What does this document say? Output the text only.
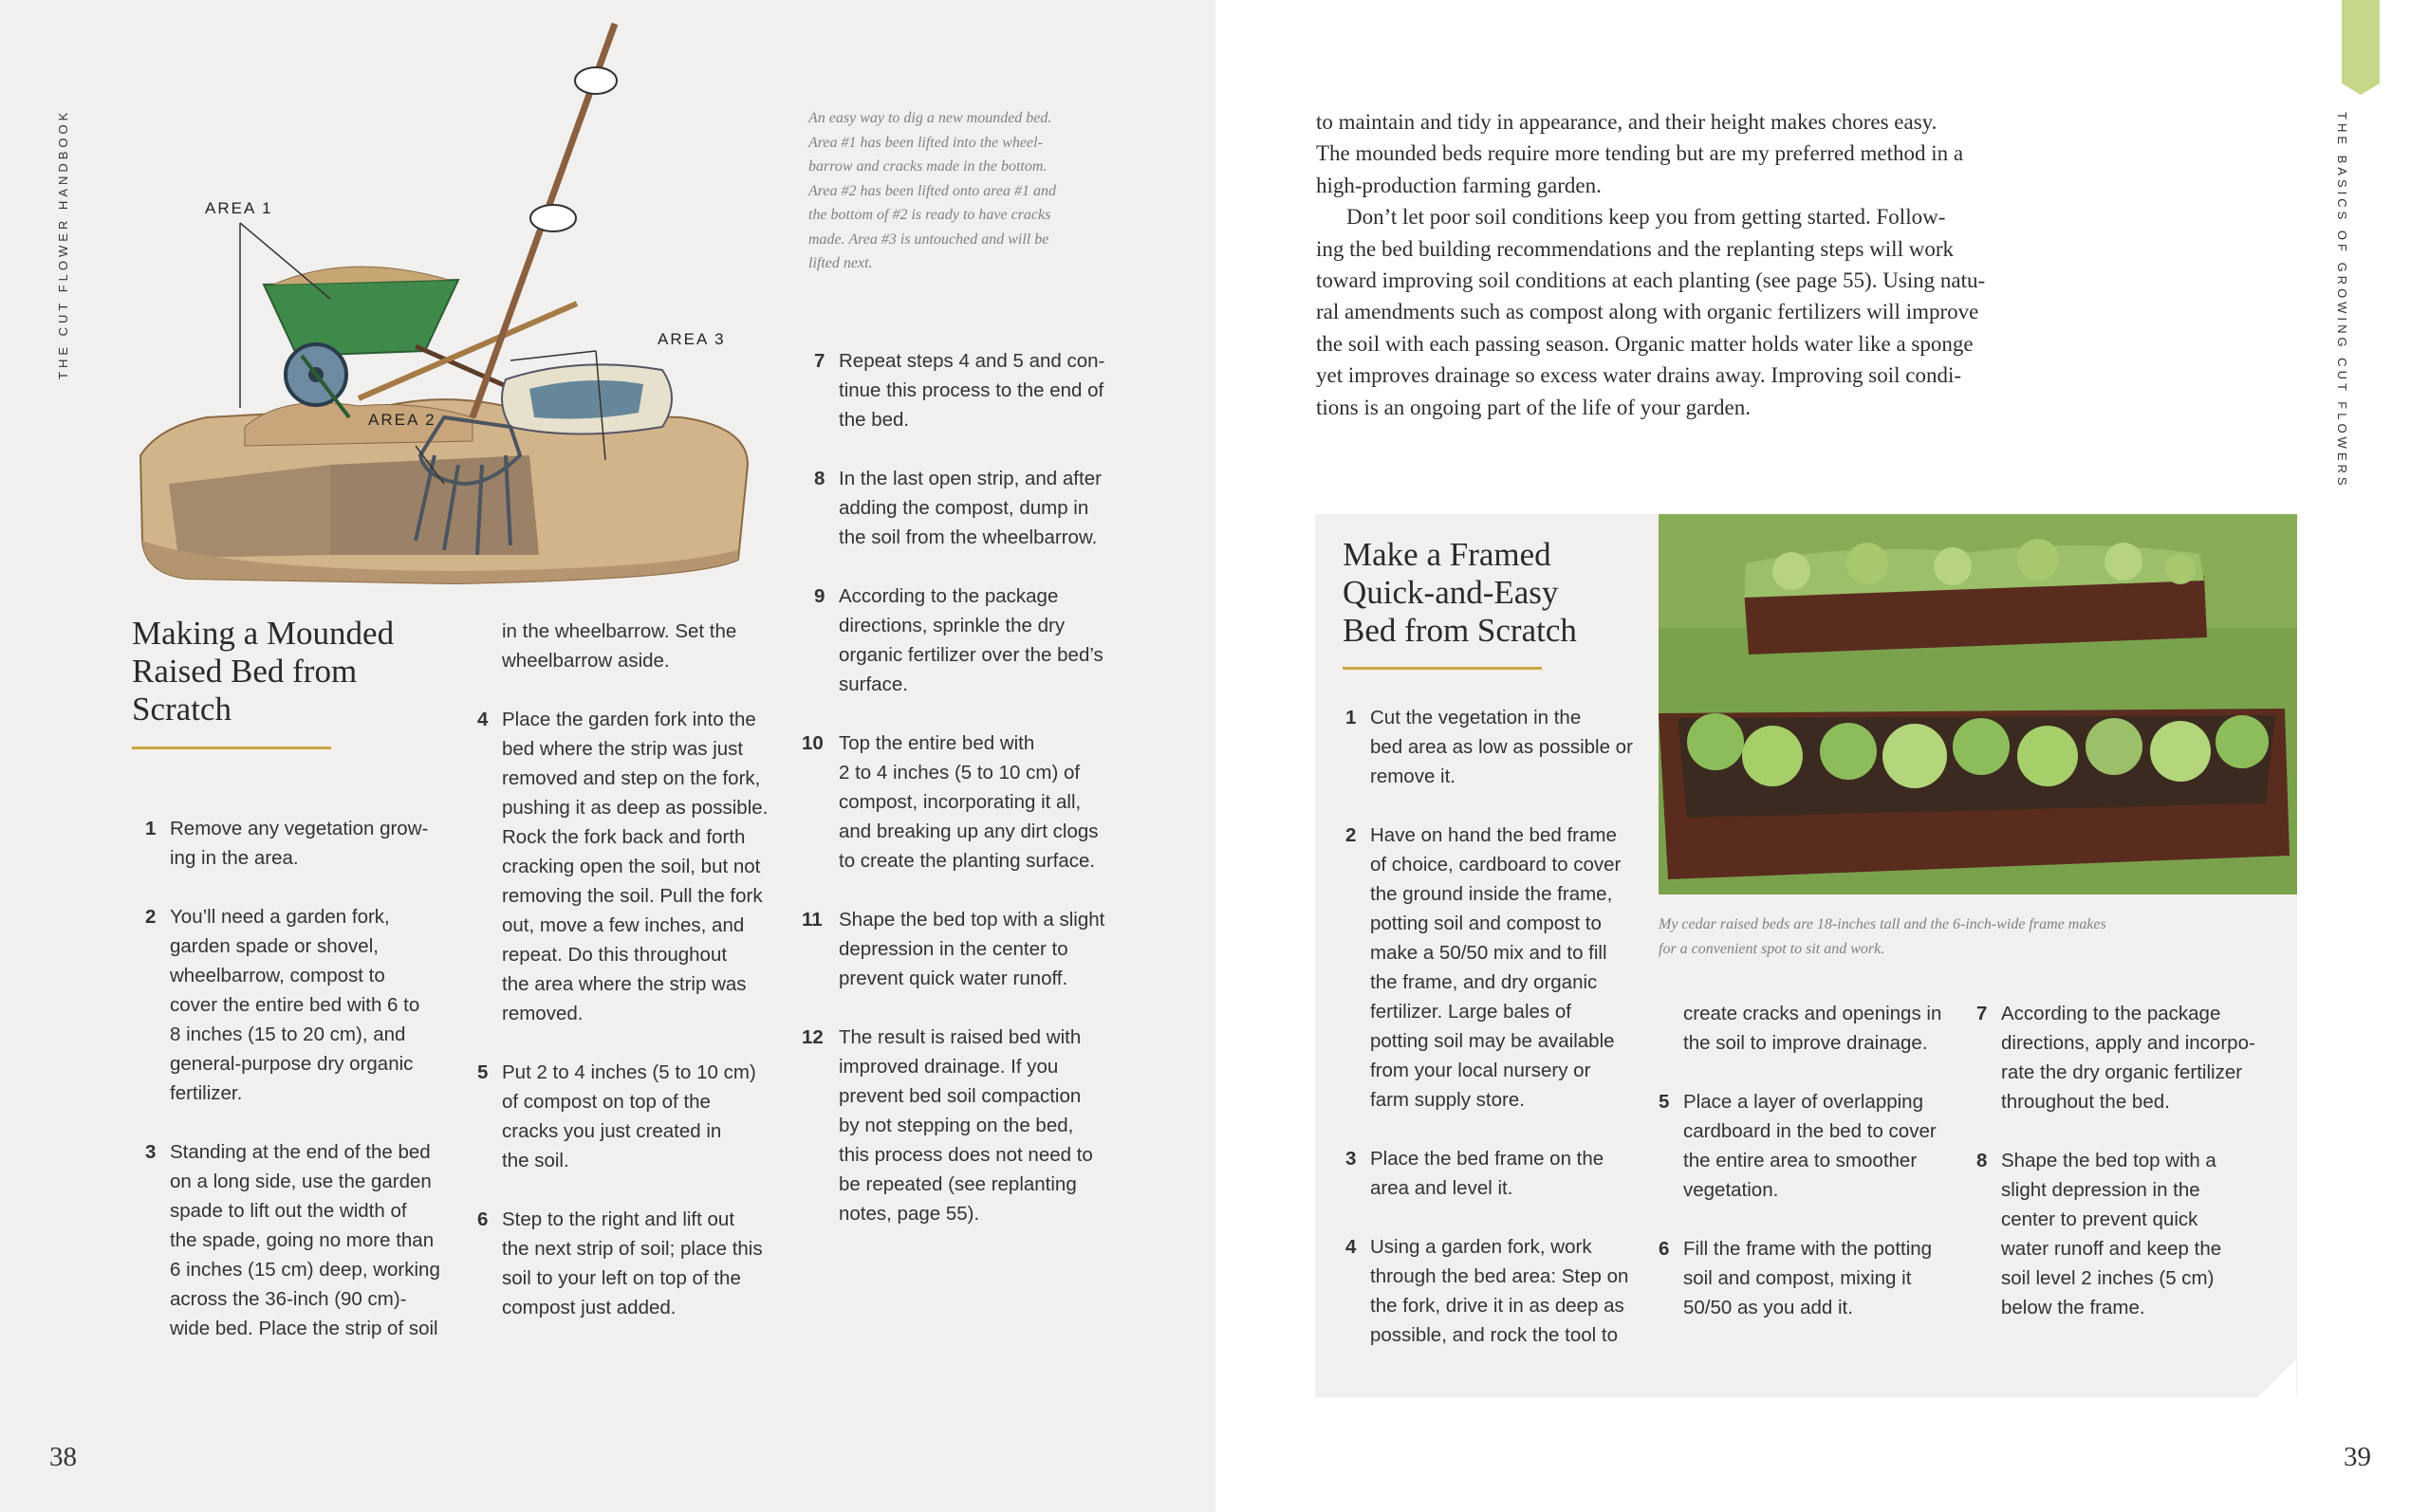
THE CUT FLOWER HANDBOOK
38
AREA 1
AREA 2
AREA 3
An easy way to dig a new mounded bed.
Area #1 has been lifted into the wheel-
barrow and cracks made in the bottom.
Area #2 has been lifted onto area #1 and
the bottom of #2 is ready to have cracks
made. Area #3 is untouched and will be
lifted next.
Making a Mounded
Raised Bed from
Scratch
1 Remove any vegetation grow-
ing in the area.
2 You’ll need a garden fork,
garden spade or shovel,
wheelbarrow, compost to
cover the entire bed with 6 to
8 inches (15 to 20 cm), and
general-purpose dry organic
fertilizer.
3 Standing at the end of the bed
on a long side, use the garden
spade to lift out the width of
the spade, going no more than
6 inches (15 cm) deep, working
across the 36-inch (90 cm)-
wide bed. Place the strip of soil
in the wheelbarrow. Set the
wheelbarrow aside.
4 Place the garden fork into the
bed where the strip was just
removed and step on the fork,
pushing it as deep as possible.
Rock the fork back and forth
cracking open the soil, but not
removing the soil. Pull the fork
out, move a few inches, and
repeat. Do this throughout
the area where the strip was
removed.
5 Put 2 to 4 inches (5 to 10 cm)
of compost on top of the
cracks you just created in
the soil.
6 Step to the right and lift out
the next strip of soil; place this
soil to your left on top of the
compost just added.
7 Repeat steps 4 and 5 and con-
tinue this process to the end of
the bed.
8 In the last open strip, and after
adding the compost, dump in
the soil from the wheelbarrow.
9 According to the package
directions, sprinkle the dry
organic fertilizer over the bed’s
surface.
10 Top the entire bed with
2 to 4 inches (5 to 10 cm) of
compost, incorporating it all,
and breaking up any dirt clogs
to create the planting surface.
11 Shape the bed top with a slight
depression in the center to
prevent quick water runoff.
12 The result is raised bed with
improved drainage. If you
prevent bed soil compaction
by not stepping on the bed,
this process does not need to
be repeated (see replanting
notes, page 55).
THE BASICS OF GROWING CUT FLOWERS
39

to maintain and tidy in appearance, and their height makes chores easy.
The mounded beds require more tending but are my preferred method in a
high-production farming garden.

Don’t let poor soil conditions keep you from getting started. Follow-
ing the bed building recommendations and the replanting steps will work
toward improving soil conditions at each planting (see page 55). Using natu-
ral amendments such as compost along with organic fertilizers will improve
the soil with each passing season. Organic matter holds water like a sponge
yet improves drainage so excess water drains away. Improving soil condi-
tions is an ongoing part of the life of your garden.

My cedar raised beds are 18-inches tall and the 6-inch-wide frame makes
for a convenient spot to sit and work.
Make a Framed
Quick-and-Easy
Bed from Scratch
1 Cut the vegetation in the
bed area as low as possible or
remove it.
2 Have on hand the bed frame
of choice, cardboard to cover
the ground inside the frame,
potting soil and compost to
make a 50/50 mix and to fill
the frame, and dry organic
fertilizer. Large bales of
potting soil may be available
from your local nursery or
farm supply store.
3 Place the bed frame on the
area and level it.
4 Using a garden fork, work
through the bed area: Step on
the fork, drive it in as deep as
possible, and rock the tool to
create cracks and openings in
the soil to improve drainage.
5 Place a layer of overlapping
cardboard in the bed to cover
the entire area to smoother
vegetation.
6 Fill the frame with the potting
soil and compost, mixing it
50/50 as you add it.
7 According to the package
directions, apply and incorpo-
rate the dry organic fertilizer
throughout the bed.
8 Shape the bed top with a
slight depression in the
center to prevent quick
water runoff and keep the
soil level 2 inches (5 cm)
below the frame.
